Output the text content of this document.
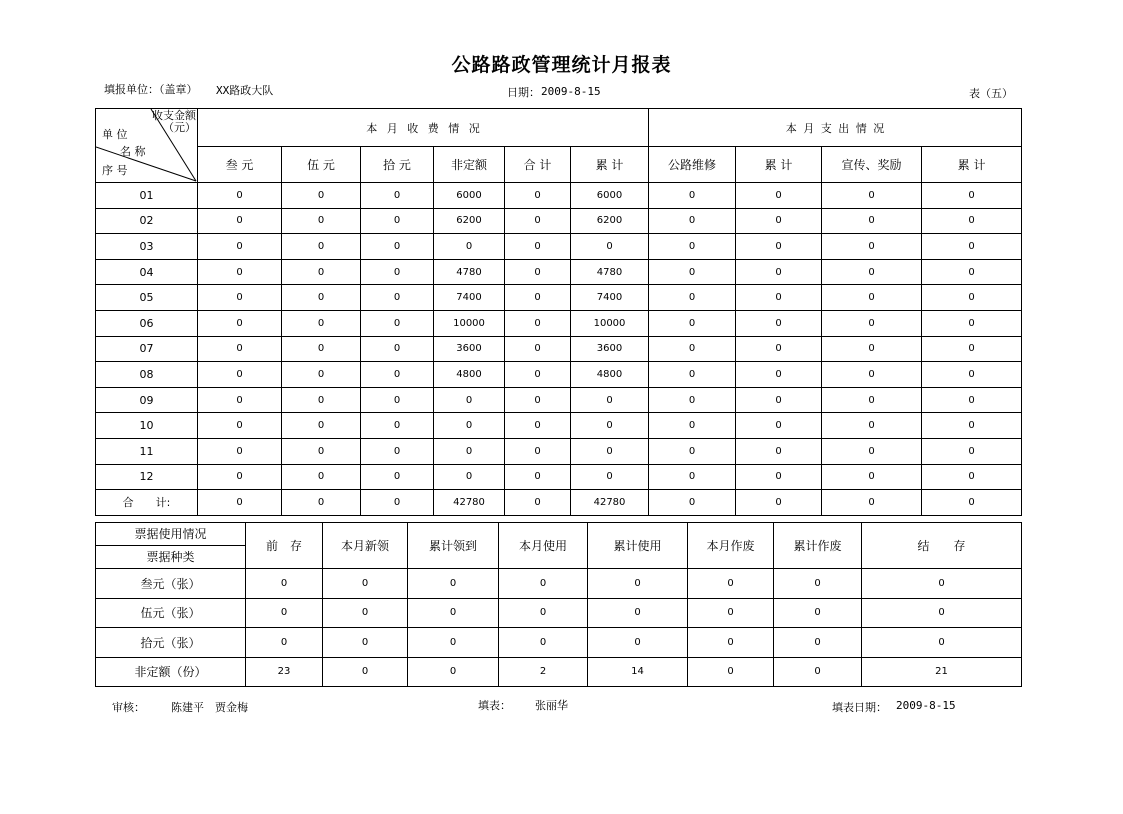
公路路政管理统计月报表
填报单位：（盖章） XX路政大队	日期： 2009-8-15	表（五）
收支金额（元）
单 位
名 称
序 号	本 月 收 费 情 况						本 月 支 出 情 况			
	叁 元	伍 元	拾 元	非定额	合 计	累 计	公路维修	累 计	宣传、奖励	累 计
01	0	0	0	6000	0	6000	0	0	0	0
02	0	0	0	6200	0	6200	0	0	0	0
03	0	0	0	0	0	0	0	0	0	0
04	0	0	0	4780	0	4780	0	0	0	0
05	0	0	0	7400	0	7400	0	0	0	0
06	0	0	0	10000	0	10000	0	0	0	0
07	0	0	0	3600	0	3600	0	0	0	0
08	0	0	0	4800	0	4800	0	0	0	0
09	0	0	0	0	0	0	0	0	0	0
10	0	0	0	0	0	0	0	0	0	0
11	0	0	0	0	0	0	0	0	0	0
12	0	0	0	0	0	0	0	0	0	0
合　　计:	0	0	0	42780	0	42780	0	0	0	0
票据使用情况
票据种类	前　存	本月新领	累计领到	本月使用	累计使用	本月作废	累计作废	结　　存
叁元（张）	0	0	0	0	0	0	0	0
伍元（张）	0	0	0	0	0	0	0	0
拾元（张）	0	0	0	0	0	0	0	0
非定额（份）	23	0	0	2	14	0	0	21
审核： 陈建平　贾金梅	填表： 张丽华	填表日期： 2009-8-15
